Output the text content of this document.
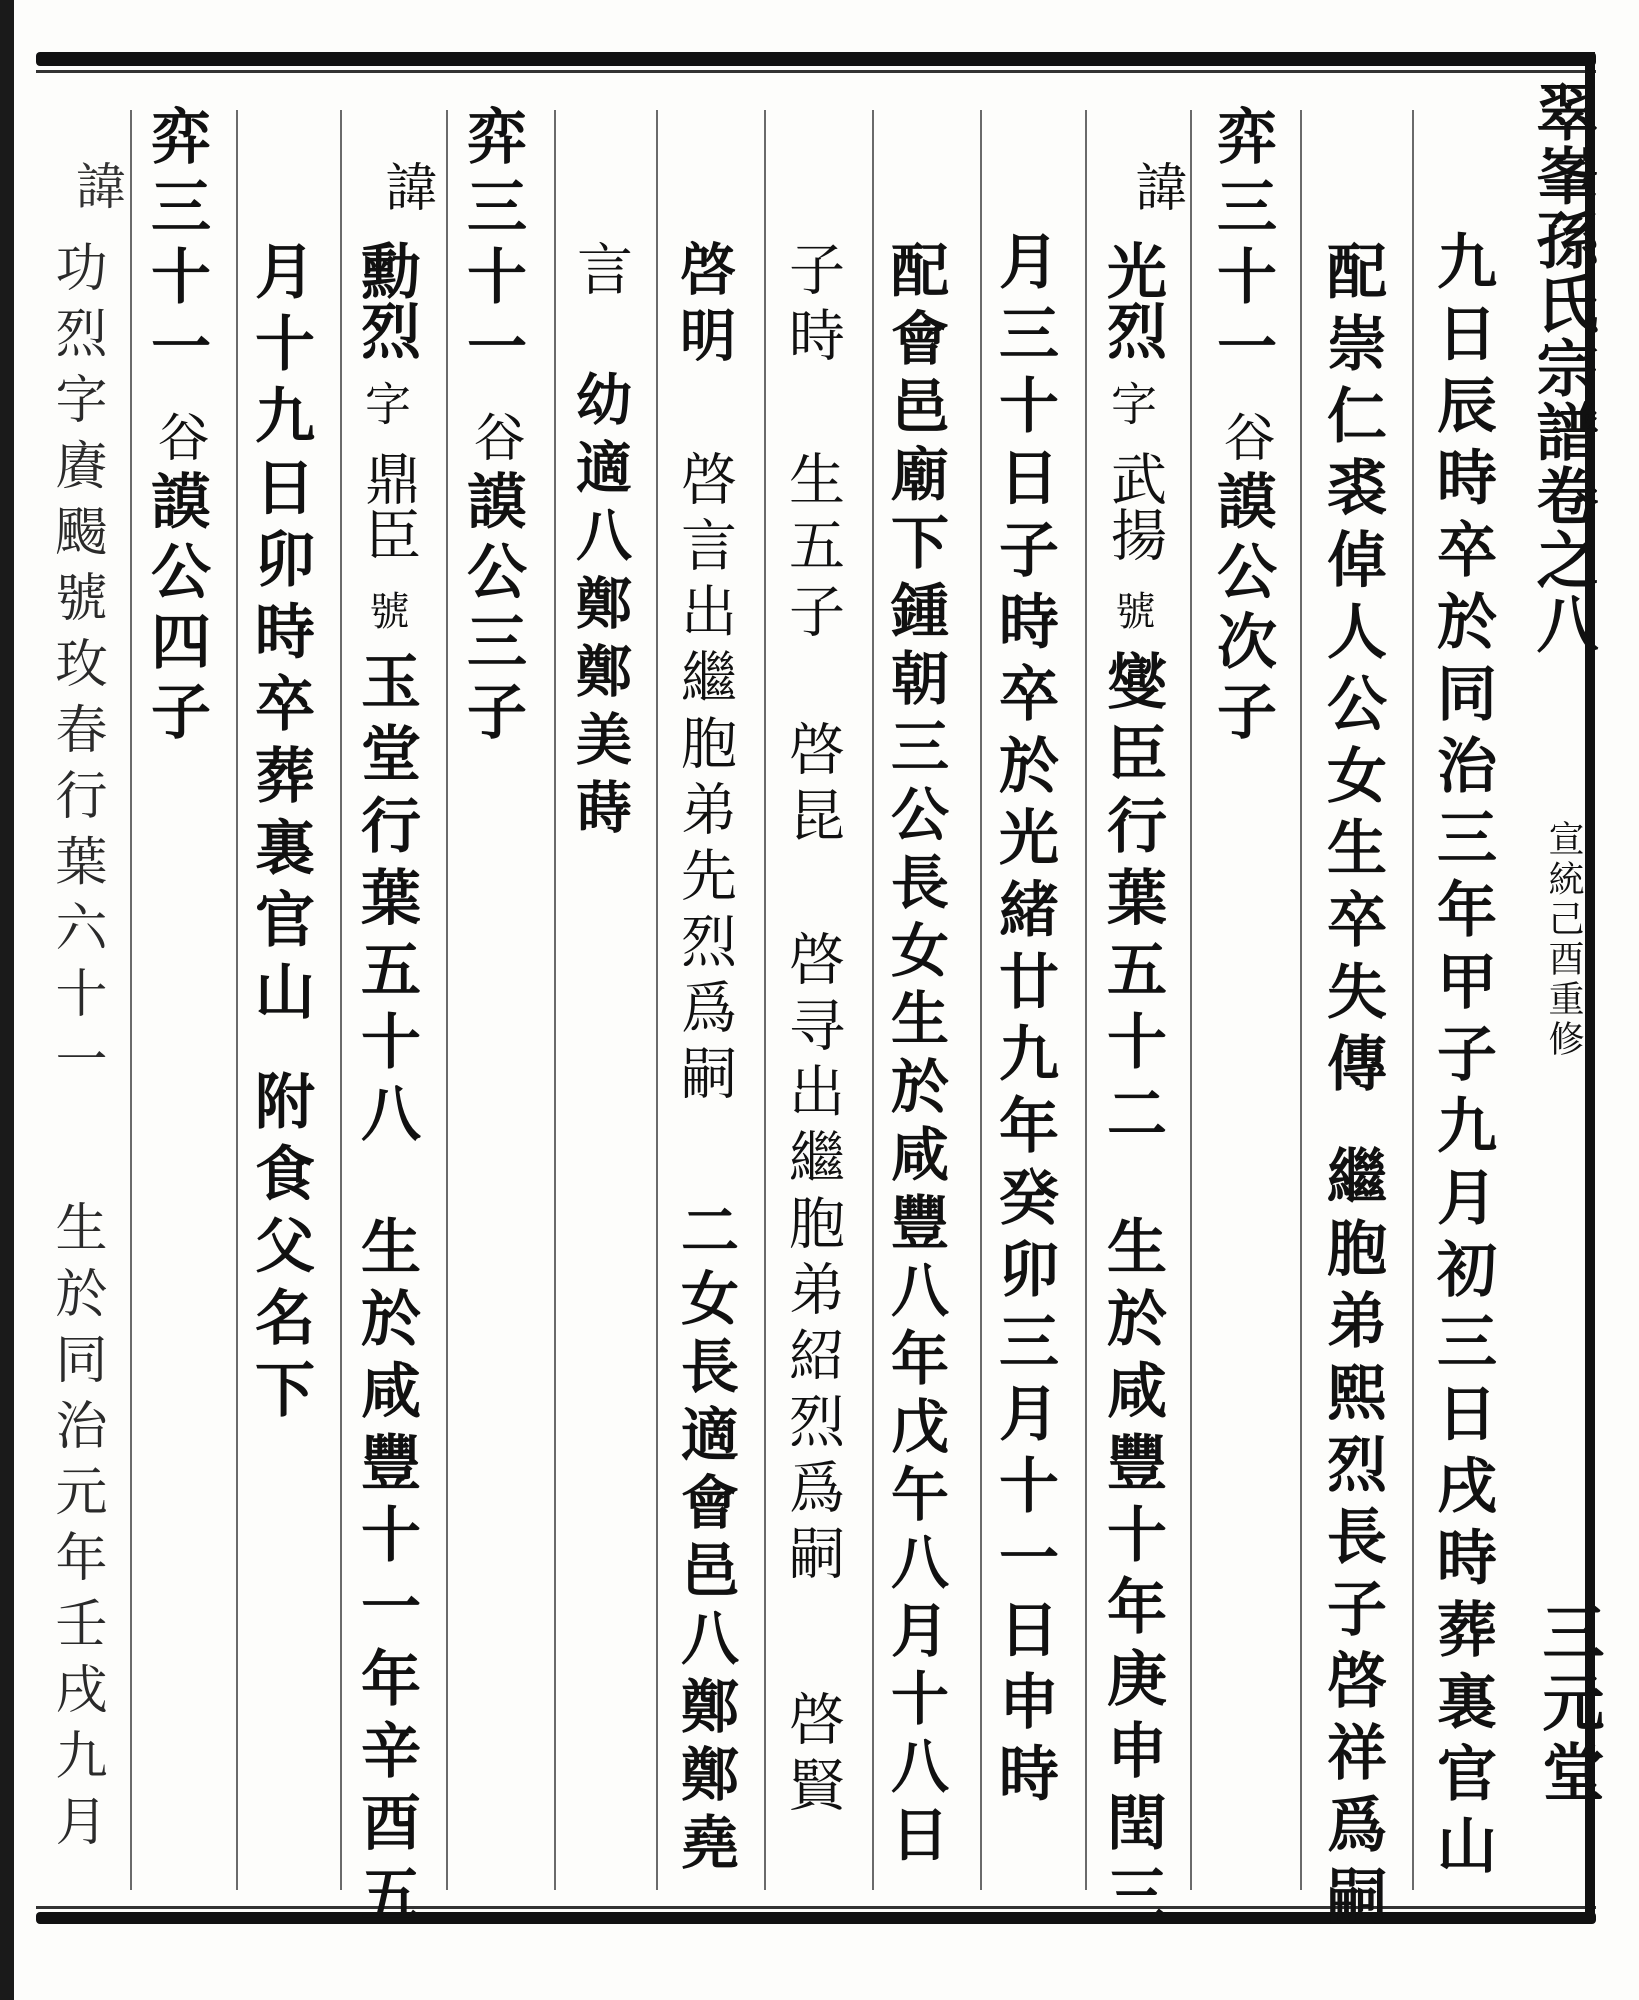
翠峯孫氏宗譜卷之八
宣統己酉重修
三元堂
九日辰時卒於同治三年甲子九月初三日戌時葬裏官山
配崇仁裘倬人公女生卒失傳
繼胞弟熙烈長子啓祥爲嗣
弈三十一
谷
謨公次子
諱
光烈
字
武揚
號
燮臣行葉五十二
生於咸豐十年庚申閏三
月三十日子時卒於光緒廿九年癸卯三月十一日申時
配會邑廟下鍾朝三公長女生於咸豐八年戊午八月十八日
子時
生五子
啓昆
啓寻出繼胞弟紹烈爲嗣
啓賢
啓明
啓言出繼胞弟先烈爲嗣
二女長適會邑八鄭鄭堯
言
幼適八鄭鄭美蒔
弈三十一
谷
謨公三子
諱
勳烈
字
鼎臣
號
玉堂行葉五十八
生於咸豐十一年辛酉五
月十九日卯時卒葬裏官山
附食父名下
弈三十一
谷
謨公四子
諱
功烈字賡颺號玫春行葉六十一
生於同治元年壬戌九月
